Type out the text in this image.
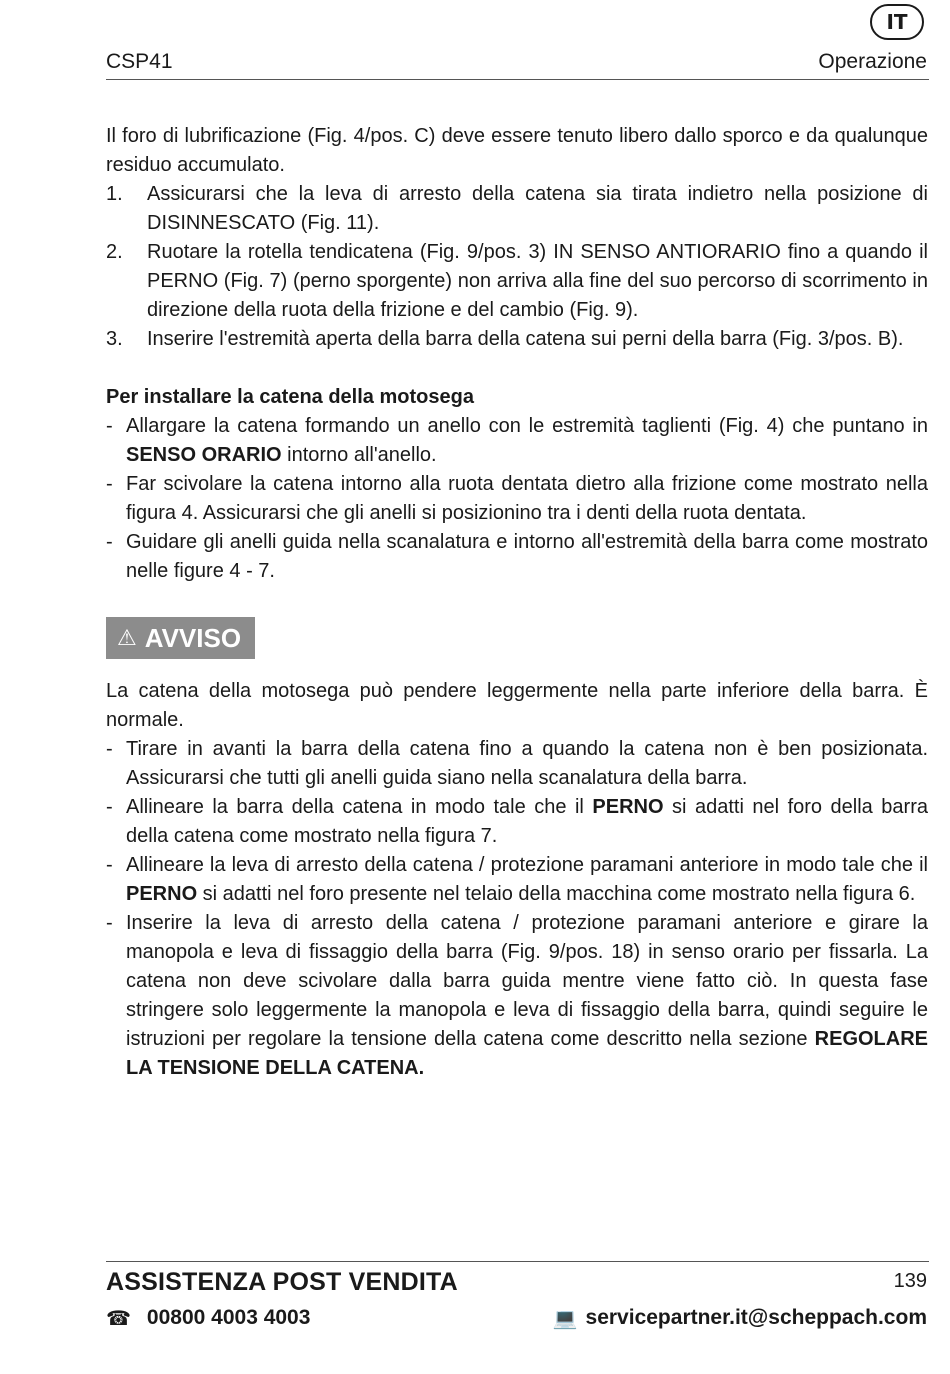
IT
CSP41	Operazione

Il foro di lubrificazione (Fig. 4/pos. C) deve essere tenuto libero dallo sporco e da qualunque residuo accumulato.

1.	Assicurarsi che la leva di arresto della catena sia tirata indietro nella posizione di DISINNESCATO (Fig. 11).
2.	Ruotare la rotella tendicatena (Fig. 9/pos. 3) IN SENSO ANTIORARIO fino a quando il PERNO (Fig. 7) (perno sporgente) non arriva alla fine del suo percorso di scorrimento in direzione della ruota della frizione e del cambio (Fig. 9).
3.	Inserire l'estremità aperta della barra della catena sui perni della barra (Fig. 3/pos. B).
Per installare la catena della motosega
- Allargare la catena formando un anello con le estremità taglienti (Fig. 4) che puntano in SENSO ORARIO intorno all'anello.
- Far scivolare la catena intorno alla ruota dentata dietro alla frizione come mostrato nella figura 4. Assicurarsi che gli anelli si posizionino tra i denti della ruota dentata.
- Guidare gli anelli guida nella scanalatura e intorno all'estremità della barra come mostrato nelle figure 4 - 7.
⚠ AVVISO

La catena della motosega può pendere leggermente nella parte inferiore della barra. È normale.

- Tirare in avanti la barra della catena fino a quando la catena non è ben posizionata. Assicurarsi che tutti gli anelli guida siano nella scanalatura della barra.
- Allineare la barra della catena in modo tale che il PERNO si adatti nel foro della barra della catena come mostrato nella figura 7.
- Allineare la leva di arresto della catena / protezione paramani anteriore in modo tale che il PERNO si adatti nel foro presente nel telaio della macchina come mostrato nella figura 6.
- Inserire la leva di arresto della catena / protezione paramani anteriore e girare la manopola e leva di fissaggio della barra (Fig. 9/pos. 18) in senso orario per fissarla. La catena non deve scivolare dalla barra guida mentre viene fatto ciò. In questa fase stringere solo leggermente la manopola e leva di fissaggio della barra, quindi seguire le istruzioni per regolare la tensione della catena come descritto nella sezione REGOLARE LA TENSIONE DELLA CATENA.
ASSISTENZA POST VENDITA	139
☎ 00800 4003 4003	💻 servicepartner.it@scheppach.com
